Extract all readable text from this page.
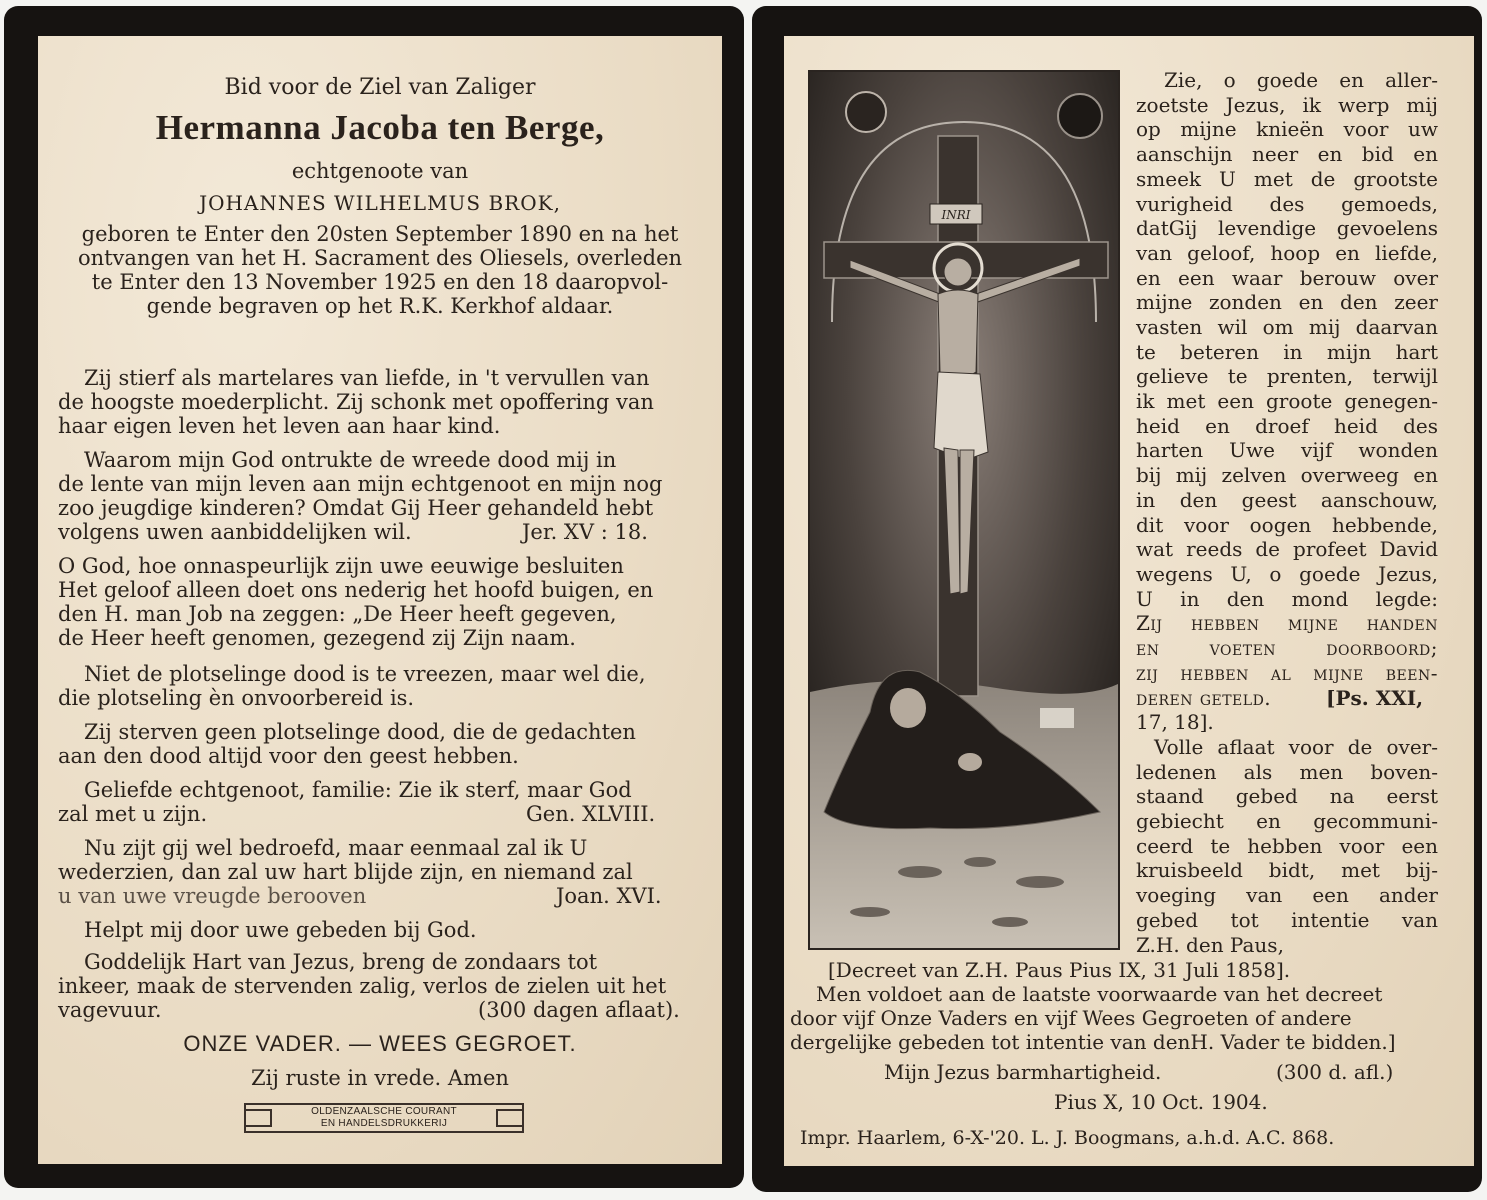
Bid voor de Ziel van Zaliger
Hermanna Jacoba ten Berge,
echtgenoote van
JOHANNES WILHELMUS BROK,
geboren te Enter den 20sten September 1890 en na het
ontvangen van het H. Sacrament des Oliesels, overleden
te Enter den 13 November 1925 en den 18 daaropvol-
gende begraven op het R.K. Kerkhof aldaar.
Zij stierf als martelares van liefde, in 't vervullen van
de hoogste moederplicht. Zij schonk met opoffering van
haar eigen leven het leven aan haar kind.
Waarom mijn God ontrukte de wreede dood mij in
de lente van mijn leven aan mijn echtgenoot en mijn nog
zoo jeugdige kinderen? Omdat Gij Heer gehandeld hebt
volgens uwen aanbiddelijken wil.	Jer. XV : 18.
O God, hoe onnaspeurlijk zijn uwe eeuwige besluiten
Het geloof alleen doet ons nederig het hoofd buigen, en
den H. man Job na zeggen: „De Heer heeft gegeven,
de Heer heeft genomen, gezegend zij Zijn naam.
Niet de plotselinge dood is te vreezen, maar wel die,
die plotseling èn onvoorbereid is.
Zij sterven geen plotselinge dood, die de gedachten
aan den dood altijd voor den geest hebben.
Geliefde echtgenoot, familie: Zie ik sterf, maar God
zal met u zijn.	Gen. XLVIII.
Nu zijt gij wel bedroefd, maar eenmaal zal ik U
wederzien, dan zal uw hart blijde zijn, en niemand zal
u van uwe vreugde berooven	Joan. XVI.
Helpt mij door uwe gebeden bij God.
Goddelijk Hart van Jezus, breng de zondaars tot
inkeer, maak de stervenden zalig, verlos de zielen uit het
vagevuur.	(300 dagen aflaat).
ONZE VADER. — WEES GEGROET.
Zij ruste in vrede. Amen
OLDENZAALSCHE COURANT
EN HANDELSDRUKKERIJ
INRI
Zie, o goede en aller-
zoetste Jezus, ik werp mij
op mijne knieën voor uw
aanschijn neer en bid en
smeek U met de grootste
vurigheid des gemoeds,
datGij levendige gevoelens
van geloof, hoop en liefde,
en een waar berouw over
mijne zonden en den zeer
vasten wil om mij daarvan
te beteren in mijn hart
gelieve te prenten, terwijl
ik met een groote genegen-
heid en droef heid des
harten Uwe vijf wonden
bij mij zelven overweeg en
in den geest aanschouw,
dit voor oogen hebbende,
wat reeds de profeet David
wegens U, o goede Jezus,
U in den mond legde:
Zij hebben mijne handen
en voeten doorboord;
zij hebben al mijne been-
deren geteld.	[Ps. XXI,
17, 18].
Volle aflaat voor de over-
ledenen als men boven-
staand gebed na eerst
gebiecht en gecommuni-
ceerd te hebben voor een
kruisbeeld bidt, met bij-
voeging van een ander
gebed tot intentie van
Z.H. den Paus,
[Decreet van Z.H. Paus Pius IX, 31 Juli 1858].
Men voldoet aan de laatste voorwaarde van het decreet
door vijf Onze Vaders en vijf Wees Gegroeten of andere
dergelijke gebeden tot intentie van denH. Vader te bidden.]
Mijn Jezus barmhartigheid.	(300 d. afl.)
Pius X, 10 Oct. 1904.
Impr. Haarlem, 6-X-'20. L. J. Boogmans, a.h.d. A.C. 868.
